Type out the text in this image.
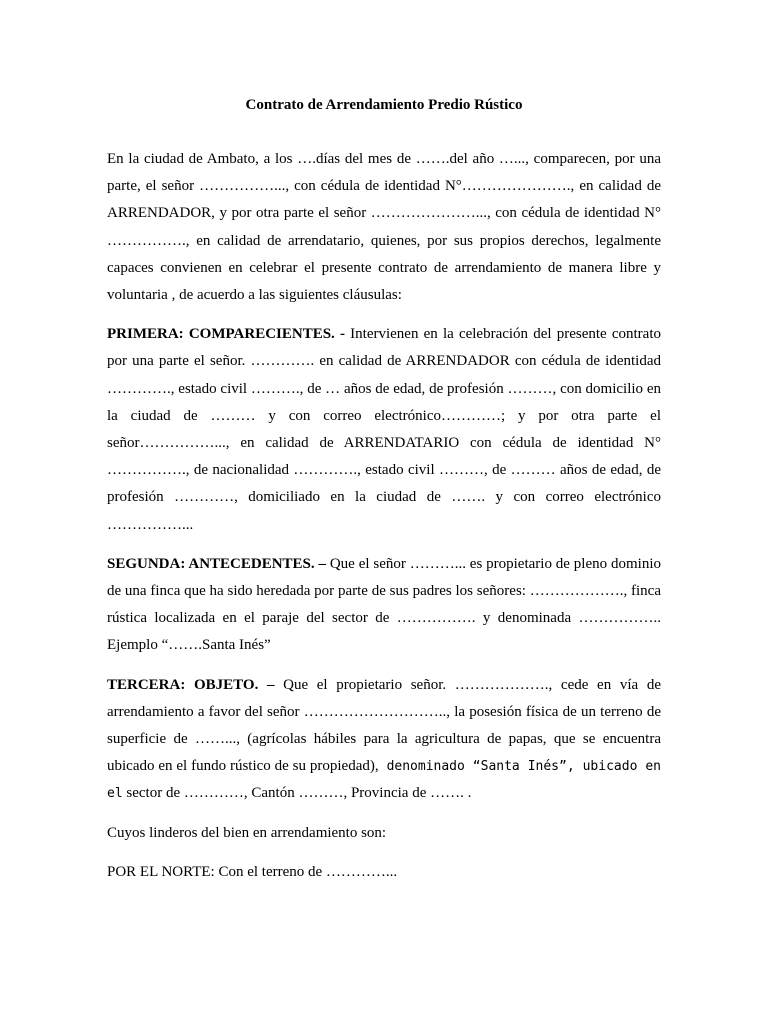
Contrato de Arrendamiento Predio Rústico

En la ciudad de Ambato, a los ….días del mes de …….del año …..., comparecen, por una parte, el señor ……………..., con cédula de identidad N°…………………., en calidad de ARRENDADOR, y por otra parte el señor …………………..., con cédula de identidad N° ……………., en calidad de arrendatario, quienes, por sus propios derechos, legalmente capaces convienen en celebrar el presente contrato de arrendamiento de manera libre y voluntaria , de acuerdo a las siguientes cláusulas:

PRIMERA: COMPARECIENTES. - Intervienen en la celebración del presente contrato por una parte el señor. …………. en calidad de ARRENDADOR con cédula de identidad …………., estado civil ………., de … años de edad, de profesión ………, con domicilio en la ciudad de ……… y con correo electrónico…………; y por otra parte el señor……………..., en calidad de ARRENDATARIO con cédula de identidad N° ……………., de nacionalidad …………., estado civil ………, de ……… años de edad, de profesión …………, domiciliado en la ciudad de ……. y con correo electrónico ……………...

SEGUNDA: ANTECEDENTES. – Que el señor ………... es propietario de pleno dominio de una finca que ha sido heredada por parte de sus padres los señores: ………………., finca rústica localizada en el paraje del sector de ……………. y denominada …………….. Ejemplo “…….Santa Inés”

TERCERA: OBJETO. – Que el propietario señor. ………………., cede en vía de arrendamiento a favor del señor ……………………….., la posesión física de un terreno de superficie de ……..., (agrícolas hábiles para la agricultura de papas, que se encuentra ubicado en el fundo rústico de su propiedad), denominado “Santa Inés”, ubicado en el sector de …………, Cantón ………, Provincia de ……. .

Cuyos linderos del bien en arrendamiento son:

POR EL NORTE: Con el terreno de …………...
